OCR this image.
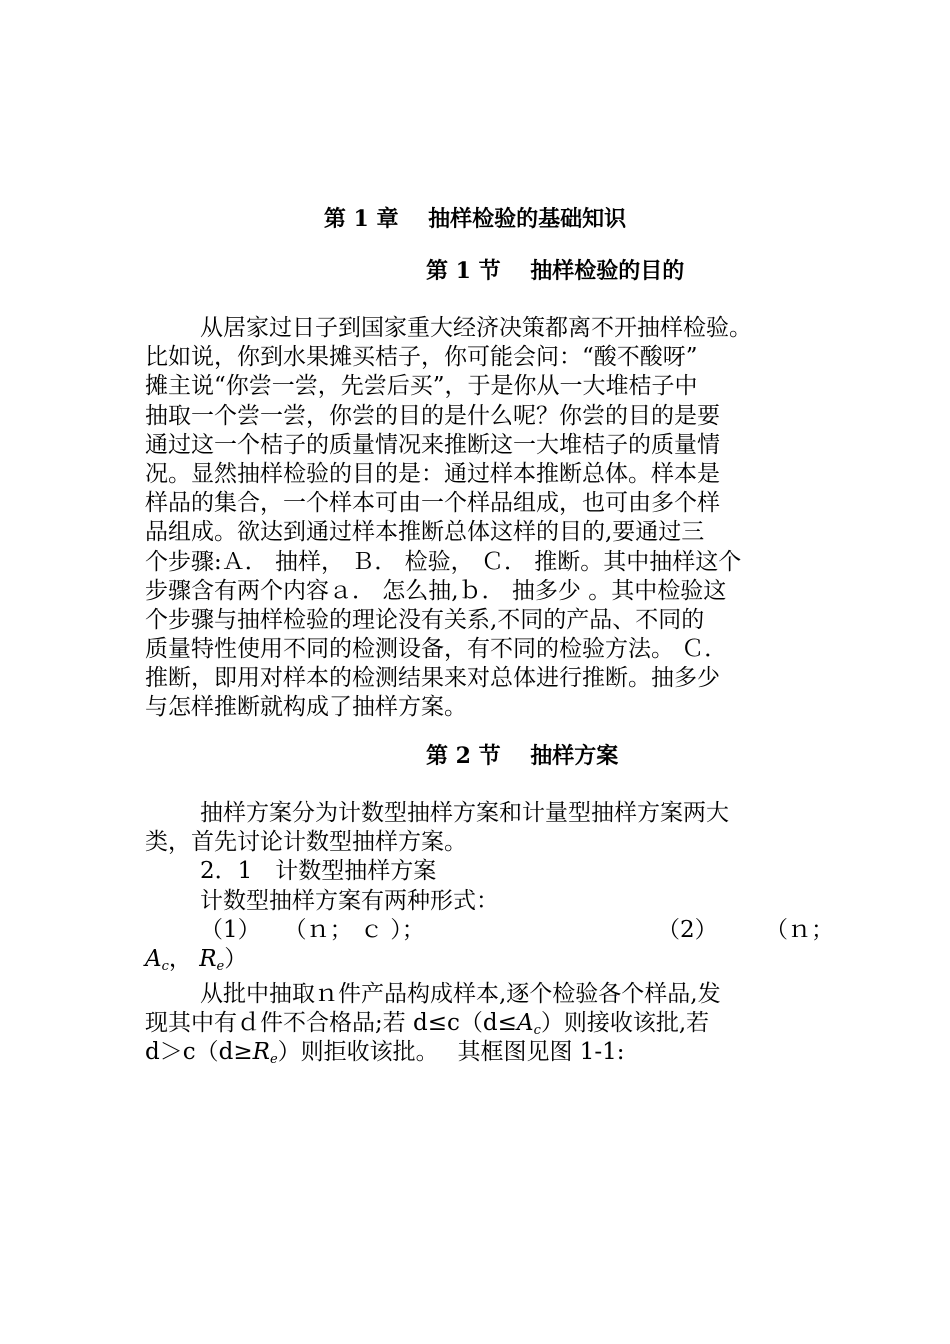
第 1 章　 抽样检验的基础知识
第 1 节　 抽样检验的目的
从居家过日子到国家重大经济决策都离不开抽样检验。
比如说，你到水果摊买桔子，你可能会问：“酸不酸呀”
摊主说“你尝一尝，先尝后买”，于是你从一大堆桔子中
抽取一个尝一尝，你尝的目的是什么呢？你尝的目的是要
通过这一个桔子的质量情况来推断这一大堆桔子的质量情
况。显然抽样检验的目的是：通过样本推断总体。样本是
样品的集合，一个样本可由一个样品组成，也可由多个样
品组成。欲达到通过样本推断总体这样的目的,要通过三
个步骤:Ａ． 抽样， Ｂ． 检验， Ｃ． 推断。其中抽样这个
步骤含有两个内容ａ． 怎么抽,ｂ． 抽多少 。其中检验这
个步骤与抽样检验的理论没有关系,不同的产品、不同的
质量特性使用不同的检测设备，有不同的检验方法。 Ｃ．
推断，即用对样本的检测结果来对总体进行推断。抽多少
与怎样推断就构成了抽样方案。
第 2 节　 抽样方案
抽样方案分为计数型抽样方案和计量型抽样方案两大
类，首先讨论计数型抽样方案。
2．1　计数型抽样方案
计数型抽样方案有两种形式：
（1）　　（ｎ； ｃ ）；	（2） （ｎ；
$A_c$， $R_e$）
从批中抽取ｎ件产品构成样本,逐个检验各个样品,发
现其中有ｄ件不合格品;若 $d\le c(d\le A_c)$则接收该批,若
$d>c(d\ge R_e)$则拒收该批。　 其框图见图 1-1:
